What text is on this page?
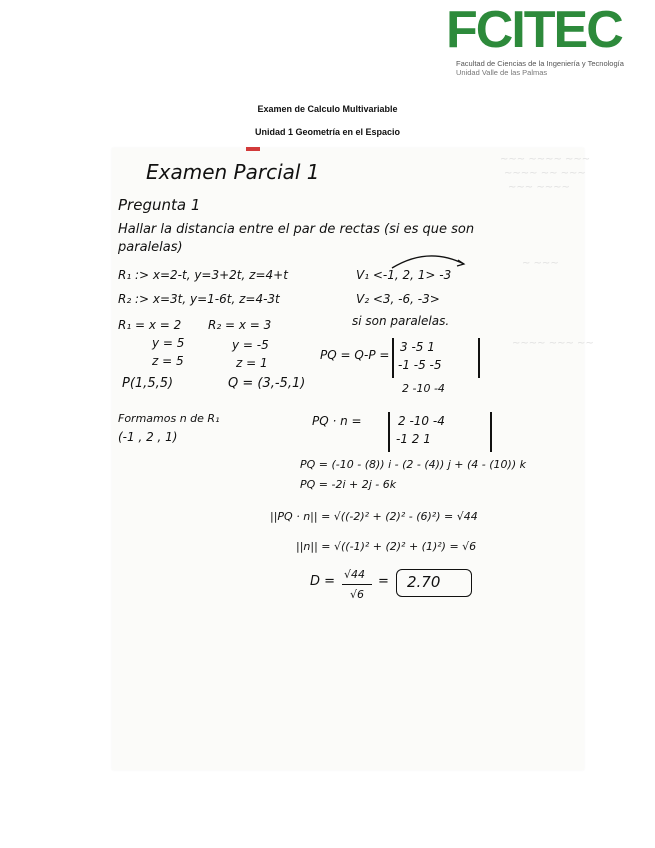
FCITEC
Facultad de Ciencias de la Ingeniería y Tecnología
Unidad Valle de las Palmas
Examen de Calculo Multivariable
Unidad 1 Geometría en el Espacio
~~~ ~~~~ ~~~
~~~~ ~~ ~~~
~~~ ~~~~
~ ~~~
~~~~ ~~~ ~~
Examen Parcial 1
Pregunta 1
Hallar la distancia entre el par de rectas (si es que son
paralelas)
R₁ :> x=2-t, y=3+2t, z=4+t	V₁ <-1, 2, 1> -3
R₂ :> x=3t, y=1-6t, z=4-3t	V₂ <3, -6, -3>
si son paralelas.
R₁ = x = 2
y = 5
z = 5
R₂ = x = 3
y = -5
z = 1
P(1,5,5)	Q = (3,-5,1)
PQ = Q-P =
3 -5 1
-1 -5 -5
2 -10 -4
Formamos n de R₁
(-1 , 2 , 1)
PQ · n =	2 -10 -4
-1 2 1
PQ = (-10 - (8)) i - (2 - (4)) j + (4 - (10)) k
PQ = -2i + 2j - 6k
||PQ · n|| = √((-2)² + (2)² - (6)²) = √44
||n|| = √((-1)² + (2)² + (1)²) = √6
D = √44
√6
= 2.70
